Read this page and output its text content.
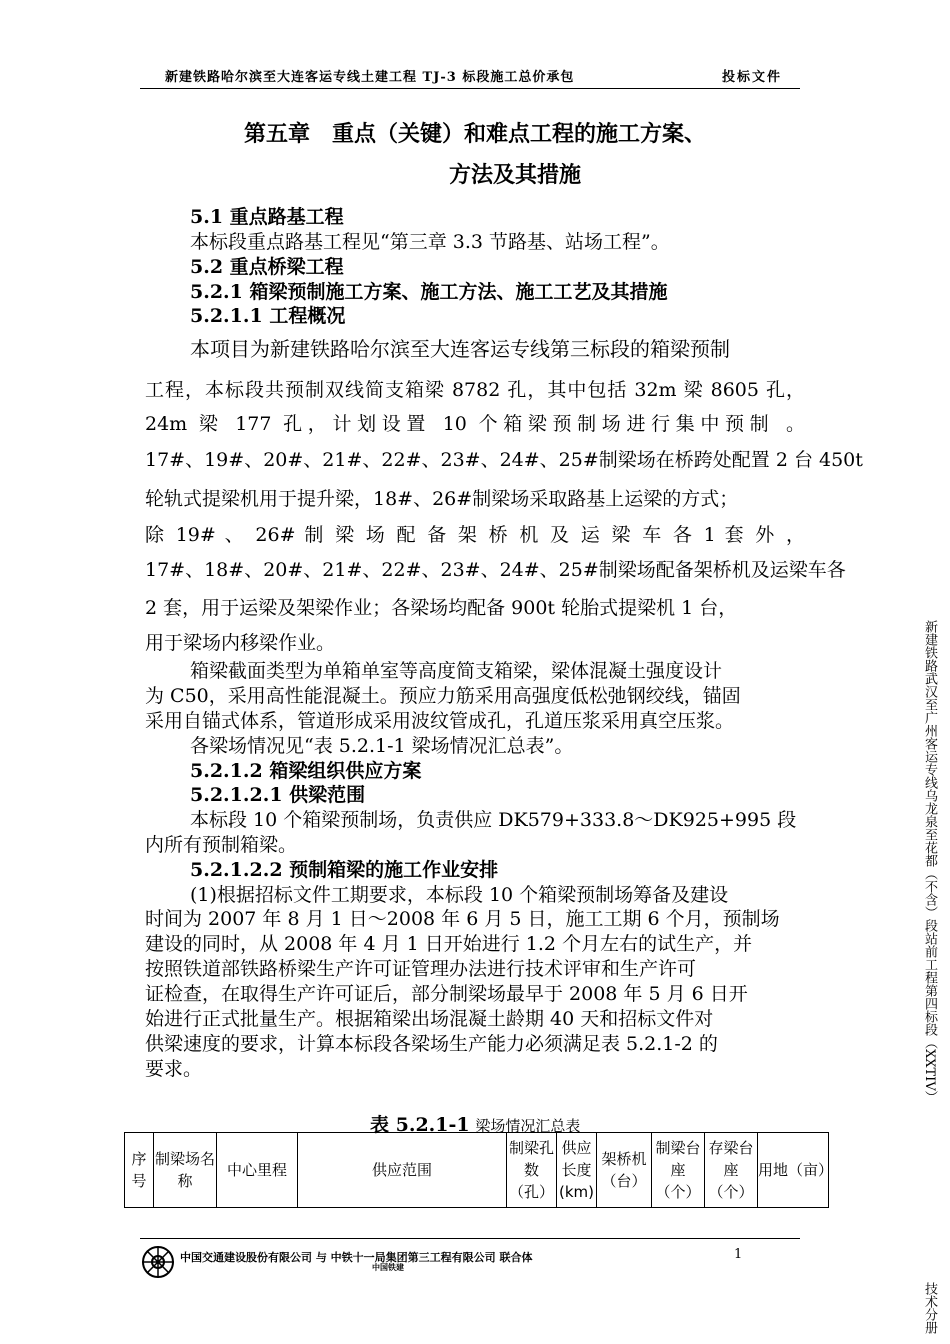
新建铁路哈尔滨至大连客运专线土建工程 TJ-3 标段施工总价承包	投标文件
第五章　重点（关键）和难点工程的施工方案、
方法及其措施
5.1 重点路基工程
本标段重点路基工程见“第三章 3.3 节路基、站场工程”。
5.2 重点桥梁工程
5.2.1 箱梁预制施工方案、施工方法、施工工艺及其措施
5.2.1.1 工程概况
本项目为新建铁路哈尔滨至大连客运专线第三标段的箱梁预制
工程，本标段共预制双线简支箱梁 8782 孔，其中包括 32m 梁 8605 孔，
24m 梁 177 孔，计划设置 10 个箱梁预制场进行集中预制 。
17#、19#、20#、21#、22#、23#、24#、25#制梁场在桥跨处配置 2 台 450t
轮轨式提梁机用于提升梁，18#、26#制梁场采取路基上运梁的方式；
除 19# 、 26# 制 梁 场 配 备 架 桥 机 及 运 梁 车 各 1 套 外 ，
17#、18#、20#、21#、22#、23#、24#、25#制梁场配备架桥机及运梁车各
2 套，用于运梁及架梁作业；各梁场均配备 900t 轮胎式提梁机 1 台，
用于梁场内移梁作业。
箱梁截面类型为单箱单室等高度简支箱梁，梁体混凝土强度设计
为 C50，采用高性能混凝土。预应力筋采用高强度低松弛钢绞线，锚固
采用自锚式体系，管道形成采用波纹管成孔，孔道压浆采用真空压浆。
各梁场情况见“表 5.2.1-1 梁场情况汇总表”。
5.2.1.2 箱梁组织供应方案
5.2.1.2.1 供梁范围
本标段 10 个箱梁预制场，负责供应 DK579+333.8～DK925+995 段
内所有预制箱梁。
5.2.1.2.2 预制箱梁的施工作业安排
(1)根据招标文件工期要求，本标段 10 个箱梁预制场筹备及建设
时间为 2007 年 8 月 1 日～2008 年 6 月 5 日，施工工期 6 个月，预制场
建设的同时，从 2008 年 4 月 1 日开始进行 1.2 个月左右的试生产，并
按照铁道部铁路桥梁生产许可证管理办法进行技术评审和生产许可
证检查，在取得生产许可证后，部分制梁场最早于 2008 年 5 月 6 日开
始进行正式批量生产。根据箱梁出场混凝土龄期 40 天和招标文件对
供梁速度的要求，计算本标段各梁场生产能力必须满足表 5.2.1-2 的
要求。
表 5.2.1-1 梁场情况汇总表
序号	制梁场名称	中心里程	供应范围	制梁孔数（孔）	供应长度(km)	架桥机（台）	制梁台座（个）	存梁台座（个）	用地（亩）
中国交通建设股份有限公司 与 中铁十一局集团第三工程有限公司 联合体
中国铁建
1
新建铁路武汉至广州客运专线乌龙泉至花都（不含）段站前工程第四标段（XXTIV）
技术分册
